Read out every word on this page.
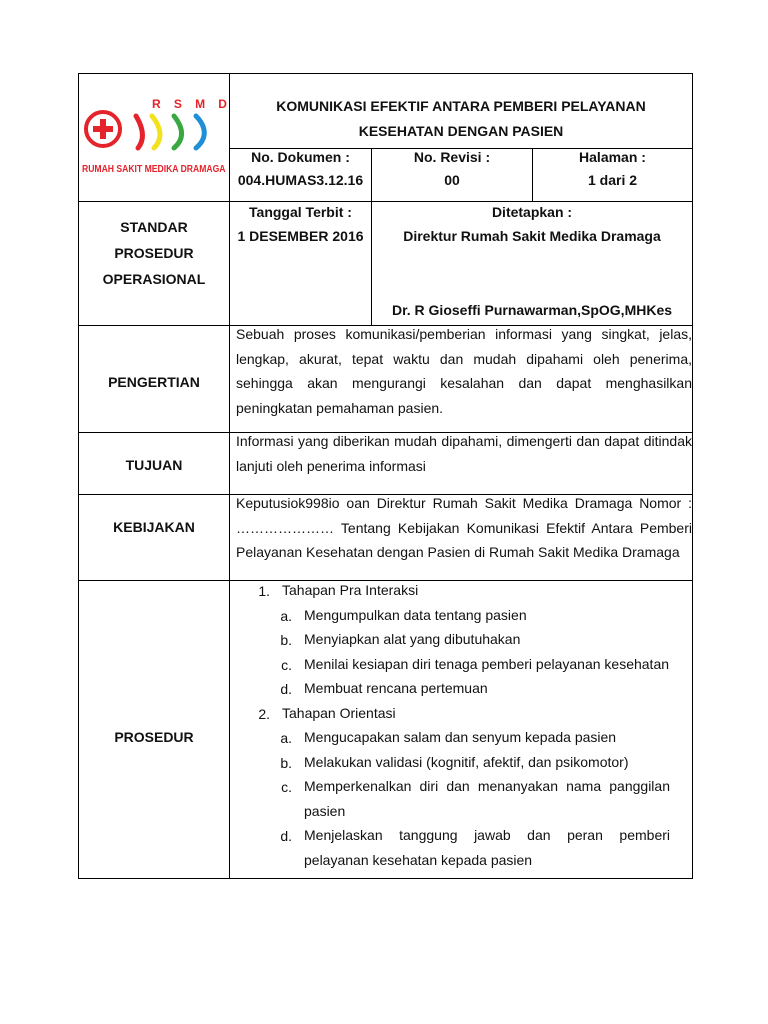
R S M D
RUMAH SAKIT MEDIKA DRAMAGA
KOMUNIKASI EFEKTIF ANTARA PEMBERI PELAYANAN
KESEHATAN DENGAN PASIEN
No. Dokumen :
004.HUMAS3.12.16
No. Revisi :
00
Halaman :
1 dari 2
STANDAR
PROSEDUR
OPERASIONAL
Tanggal Terbit :
1 DESEMBER 2016
Ditetapkan :
Direktur Rumah Sakit Medika Dramaga
Dr. R Gioseffi Purnawarman,SpOG,MHKes
PENGERTIAN
Sebuah proses komunikasi/pemberian informasi yang singkat, jelas,
lengkap, akurat, tepat waktu dan mudah dipahami oleh penerima,
sehingga akan mengurangi kesalahan dan dapat menghasilkan
peningkatan pemahaman pasien.
TUJUAN
Informasi yang diberikan mudah dipahami, dimengerti dan dapat ditindak
lanjuti oleh penerima informasi
KEBIJAKAN
Keputusiok998io oan Direktur Rumah Sakit Medika Dramaga Nomor :
………………… Tentang Kebijakan Komunikasi Efektif Antara Pemberi
Pelayanan Kesehatan dengan Pasien di Rumah Sakit Medika Dramaga
PROSEDUR
1. Tahapan Pra Interaksi
a. Mengumpulkan data tentang pasien
b. Menyiapkan alat yang dibutuhakan
c. Menilai kesiapan diri tenaga pemberi pelayanan kesehatan
d. Membuat rencana pertemuan
2. Tahapan Orientasi
a. Mengucapakan salam dan senyum kepada pasien
b. Melakukan validasi (kognitif, afektif, dan psikomotor)
c. Memperkenalkan diri dan menanyakan nama panggilan
pasien
d. Menjelaskan tanggung jawab dan peran pemberi
pelayanan kesehatan kepada pasien
